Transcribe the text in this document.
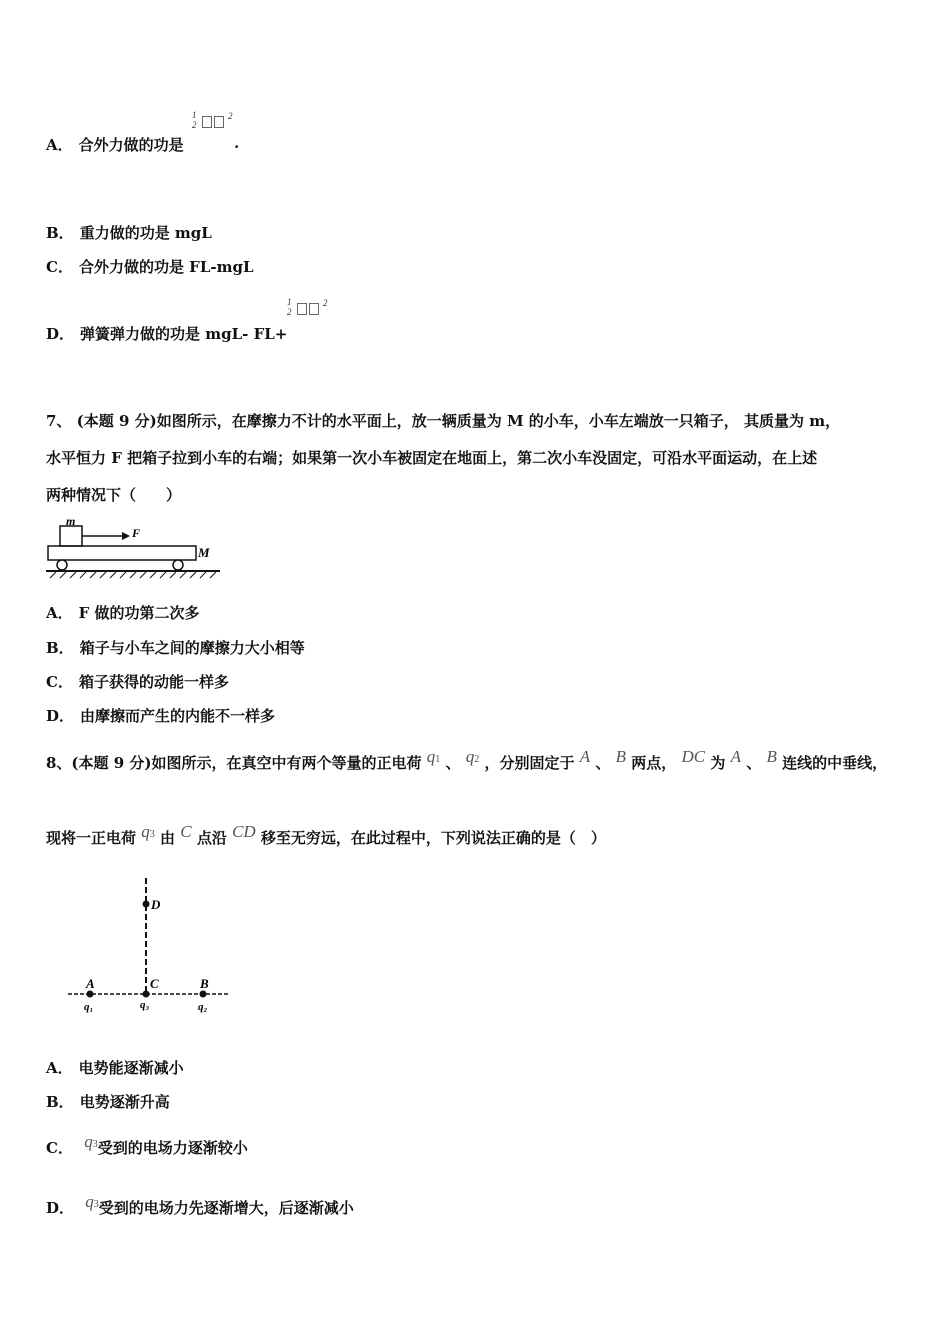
A． 合外力做的功是
1
2
2
.
B． 重力做的功是 mgL
C． 合外力做的功是 FL-mgL
D． 弹簧弹力做的功是 mgL- FL+
1
2
2
7、 (本题 9 分)如图所示，在摩擦力不计的水平面上，放一辆质量为 M 的小车，小车左端放一只箱子， 其质量为 m，
水平恒力 F 把箱子拉到小车的右端；如果第一次小车被固定在地面上，第二次小车没固定，可沿水平面运动，在上述
两种情况下（　　）
m
F
M
A． F 做的功第二次多
B． 箱子与小车之间的摩擦力大小相等
C． 箱子获得的动能一样多
D． 由摩擦而产生的内能不一样多
8、(本题 9 分)如图所示，在真空中有两个等量的正电荷 q1 、 q2 ，分别固定于 A 、 B 两点， DC 为 A 、 B 连线的中垂线，
现将一正电荷 q3 由 C 点沿 CD 移至无穷远，在此过程中，下列说法正确的是（　）
D
A	C	B
q₁	q₃	q₂
A． 电势能逐渐减小
B． 电势逐渐升高
C． q3受到的电场力逐渐较小
D． q3受到的电场力先逐渐增大，后逐渐减小
